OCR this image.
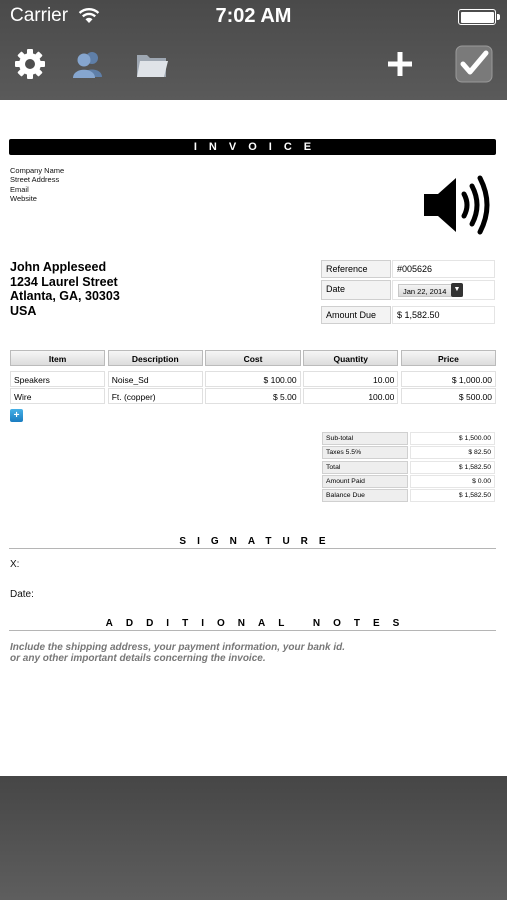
Carrier	7:02 AM
INVOICE
Company Name
Street Address
Email
Website
John Appleseed
1234 Laurel Street
Atlanta, GA, 30303
USA
Reference	#005626
Date	Jan 22, 2014	▼
Amount Due	$ 1,582.50
Item	Description	Cost	Quantity	Price
Speakers	Noise_Sd	$ 100.00	10.00	$ 1,000.00
Wire	Ft. (copper)	$ 5.00	100.00	$ 500.00
+
Sub-total	$ 1,500.00
Taxes 5.5%	$ 82.50
Total	$ 1,582.50
Amount Paid	$ 0.00
Balance Due	$ 1,582.50
SIGNATURE
X:
Date:
ADDITIONAL NOTES
Include the shipping address, your payment information, your bank id.
or any other important details concerning the invoice.
